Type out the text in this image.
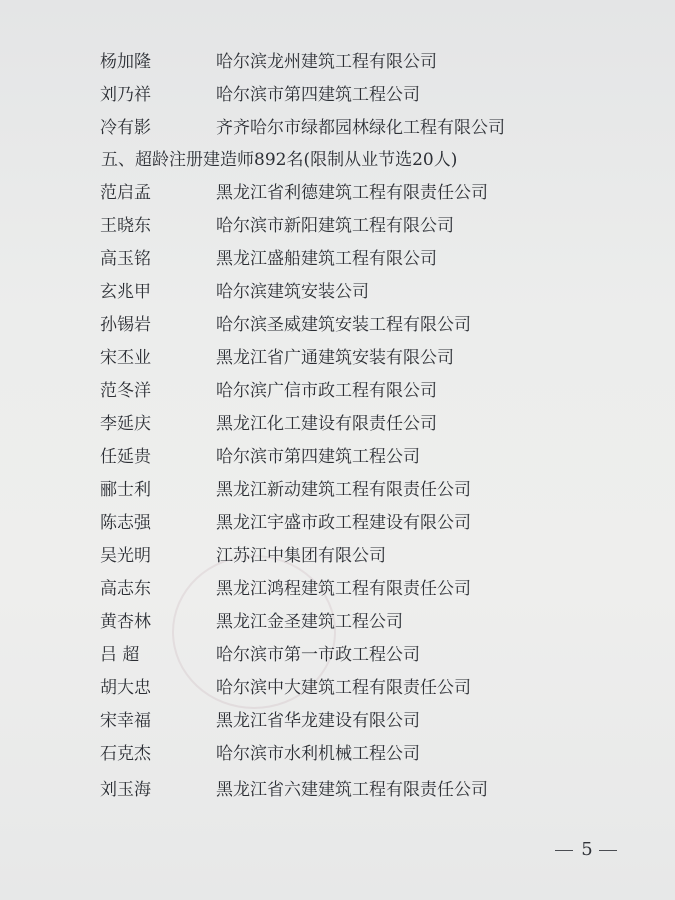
杨加隆	哈尔滨龙州建筑工程有限公司
刘乃祥	哈尔滨市第四建筑工程公司
冷有影	齐齐哈尔市绿都园林绿化工程有限公司
五、超龄注册建造师892名(限制从业节选20人)
范启孟	黑龙江省利德建筑工程有限责任公司
王晓东	哈尔滨市新阳建筑工程有限公司
高玉铭	黑龙江盛船建筑工程有限公司
玄兆甲	哈尔滨建筑安装公司
孙锡岩	哈尔滨圣威建筑安装工程有限公司
宋丕业	黑龙江省广通建筑安装有限公司
范冬洋	哈尔滨广信市政工程有限公司
李延庆	黑龙江化工建设有限责任公司
任延贵	哈尔滨市第四建筑工程公司
郦士利	黑龙江新动建筑工程有限责任公司
陈志强	黑龙江宇盛市政工程建设有限公司
吴光明	江苏江中集团有限公司
高志东	黑龙江鸿程建筑工程有限责任公司
黄杏林	黑龙江金圣建筑工程公司
吕 超	哈尔滨市第一市政工程公司
胡大忠	哈尔滨中大建筑工程有限责任公司
宋幸福	黑龙江省华龙建设有限公司
石克杰	哈尔滨市水利机械工程公司
刘玉海	黑龙江省六建建筑工程有限责任公司
5
